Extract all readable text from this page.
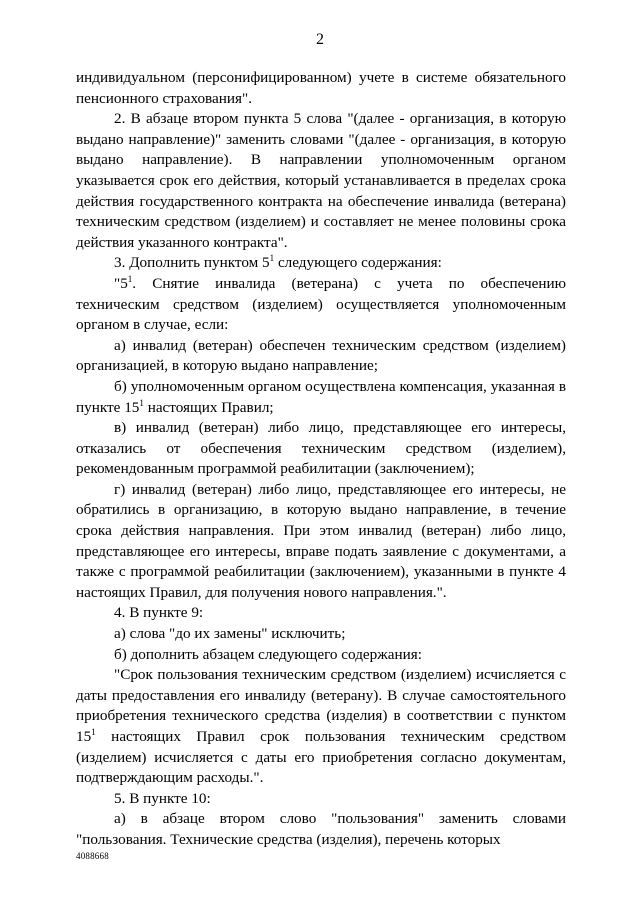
2

индивидуальном (персонифицированном) учете в системе обязательного пенсионного страхования".

2. В абзаце втором пункта 5 слова "(далее - организация, в которую выдано направление)" заменить словами "(далее - организация, в которую выдано направление). В направлении уполномоченным органом указывается срок его действия, который устанавливается в пределах срока действия государственного контракта на обеспечение инвалида (ветерана) техническим средством (изделием) и составляет не менее половины срока действия указанного контракта".

3. Дополнить пунктом $5^1$ следующего содержания:

"$5^1$. Снятие инвалида (ветерана) с учета по обеспечению техническим средством (изделием) осуществляется уполномоченным органом в случае, если:

а) инвалид (ветеран) обеспечен техническим средством (изделием) организацией, в которую выдано направление;

б) уполномоченным органом осуществлена компенсация, указанная в пункте $15^1$ настоящих Правил;

в) инвалид (ветеран) либо лицо, представляющее его интересы, отказались от обеспечения техническим средством (изделием), рекомендованным программой реабилитации (заключением);

г) инвалид (ветеран) либо лицо, представляющее его интересы, не обратились в организацию, в которую выдано направление, в течение срока действия направления. При этом инвалид (ветеран) либо лицо, представляющее его интересы, вправе подать заявление с документами, а также с программой реабилитации (заключением), указанными в пункте 4 настоящих Правил, для получения нового направления.".

4. В пункте 9:

а) слова "до их замены" исключить;

б) дополнить абзацем следующего содержания:

"Срок пользования техническим средством (изделием) исчисляется с даты предоставления его инвалиду (ветерану). В случае самостоятельного приобретения технического средства (изделия) в соответствии с пунктом $15^1$ настоящих Правил срок пользования техническим средством (изделием) исчисляется с даты его приобретения согласно документам, подтверждающим расходы.".

5. В пункте 10:

а) в абзаце втором слово "пользования" заменить словами "пользования. Технические средства (изделия), перечень которых

4088668
